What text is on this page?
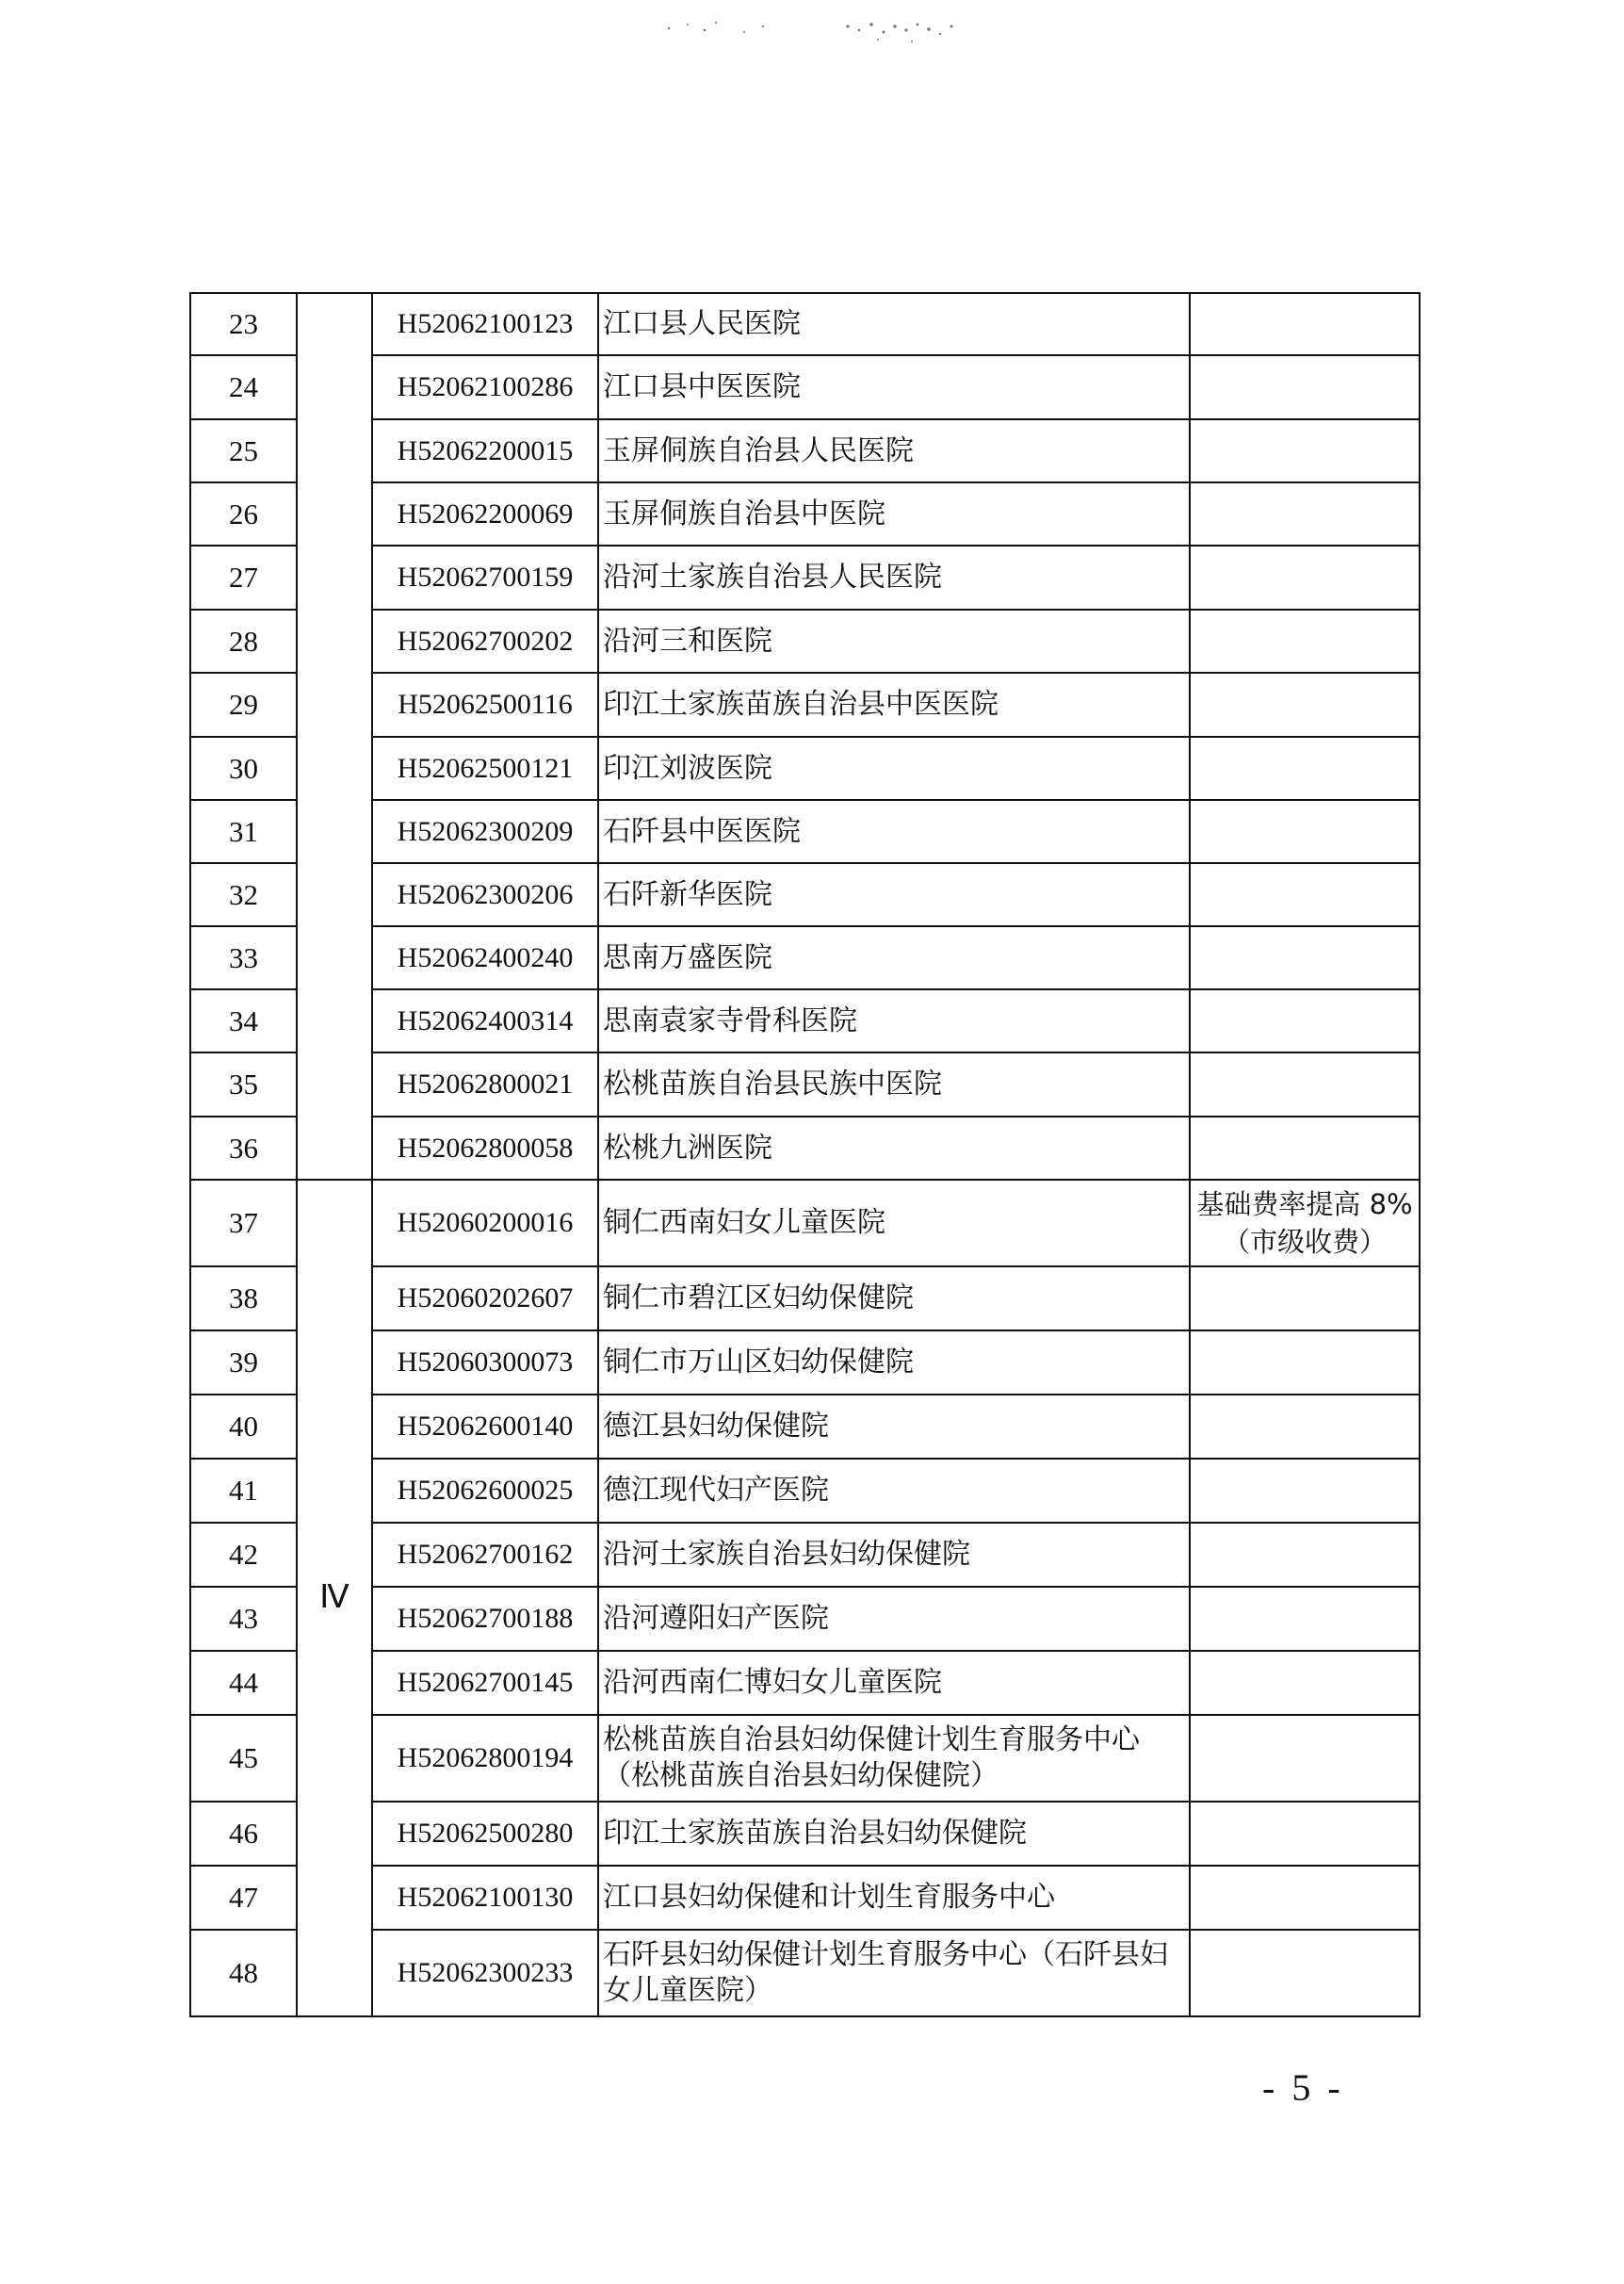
23		H52062100123	江口县人民医院	
24		H52062100286	江口县中医医院	
25		H52062200015	玉屏侗族自治县人民医院	
26		H52062200069	玉屏侗族自治县中医院	
27		H52062700159	沿河土家族自治县人民医院	
28		H52062700202	沿河三和医院	
29		H52062500116	印江土家族苗族自治县中医医院	
30		H52062500121	印江刘波医院	
31		H52062300209	石阡县中医医院	
32		H52062300206	石阡新华医院	
33		H52062400240	思南万盛医院	
34		H52062400314	思南袁家寺骨科医院	
35		H52062800021	松桃苗族自治县民族中医院	
36		H52062800058	松桃九洲医院	
37	Ⅳ	H52060200016	铜仁西南妇女儿童医院	基础费率提高 8%（市级收费）
38		H52060202607	铜仁市碧江区妇幼保健院	
39		H52060300073	铜仁市万山区妇幼保健院	
40		H52062600140	德江县妇幼保健院	
41		H52062600025	德江现代妇产医院	
42		H52062700162	沿河土家族自治县妇幼保健院	
43		H52062700188	沿河遵阳妇产医院	
44		H52062700145	沿河西南仁博妇女儿童医院	
45		H52062800194	松桃苗族自治县妇幼保健计划生育服务中心（松桃苗族自治县妇幼保健院）	
46		H52062500280	印江土家族苗族自治县妇幼保健院	
47		H52062100130	江口县妇幼保健和计划生育服务中心	
48		H52062300233	石阡县妇幼保健计划生育服务中心（石阡县妇女儿童医院）	
- 5 -
